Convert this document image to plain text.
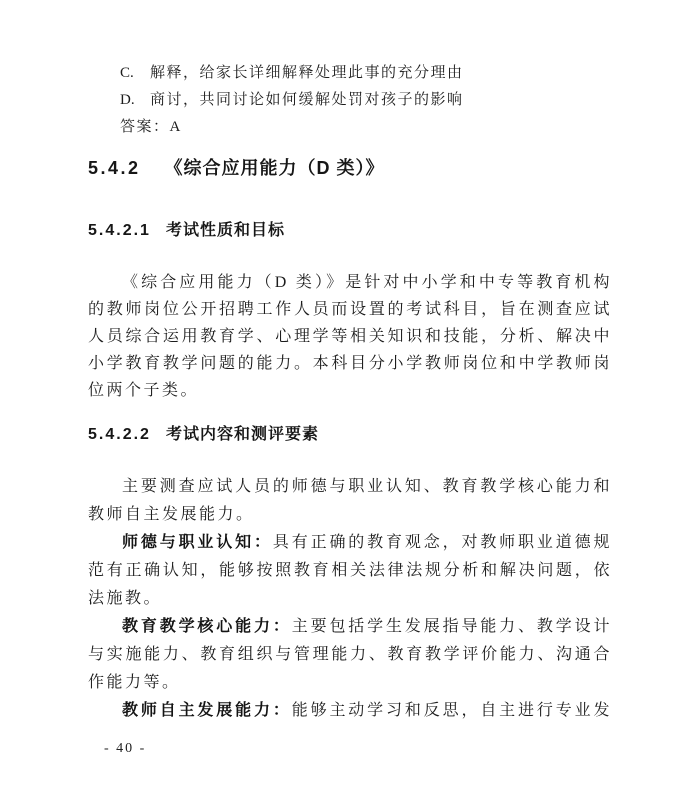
C. 解释，给家长详细解释处理此事的充分理由
D. 商讨，共同讨论如何缓解处罚对孩子的影响
答案：A
5.4.2 《综合应用能力（D 类）》
5.4.2.1 考试性质和目标

《综合应用能力（D 类）》是针对中小学和中专等教育机构的教师岗位公开招聘工作人员而设置的考试科目，旨在测查应试人员综合运用教育学、心理学等相关知识和技能，分析、解决中小学教育教学问题的能力。本科目分小学教师岗位和中学教师岗位两个子类。

5.4.2.2 考试内容和测评要素

主要测查应试人员的师德与职业认知、教育教学核心能力和教师自主发展能力。

师德与职业认知：具有正确的教育观念，对教师职业道德规范有正确认知，能够按照教育相关法律法规分析和解决问题，依法施教。

教育教学核心能力：主要包括学生发展指导能力、教学设计与实施能力、教育组织与管理能力、教育教学评价能力、沟通合作能力等。

教师自主发展能力：能够主动学习和反思，自主进行专业发

- 40 -
